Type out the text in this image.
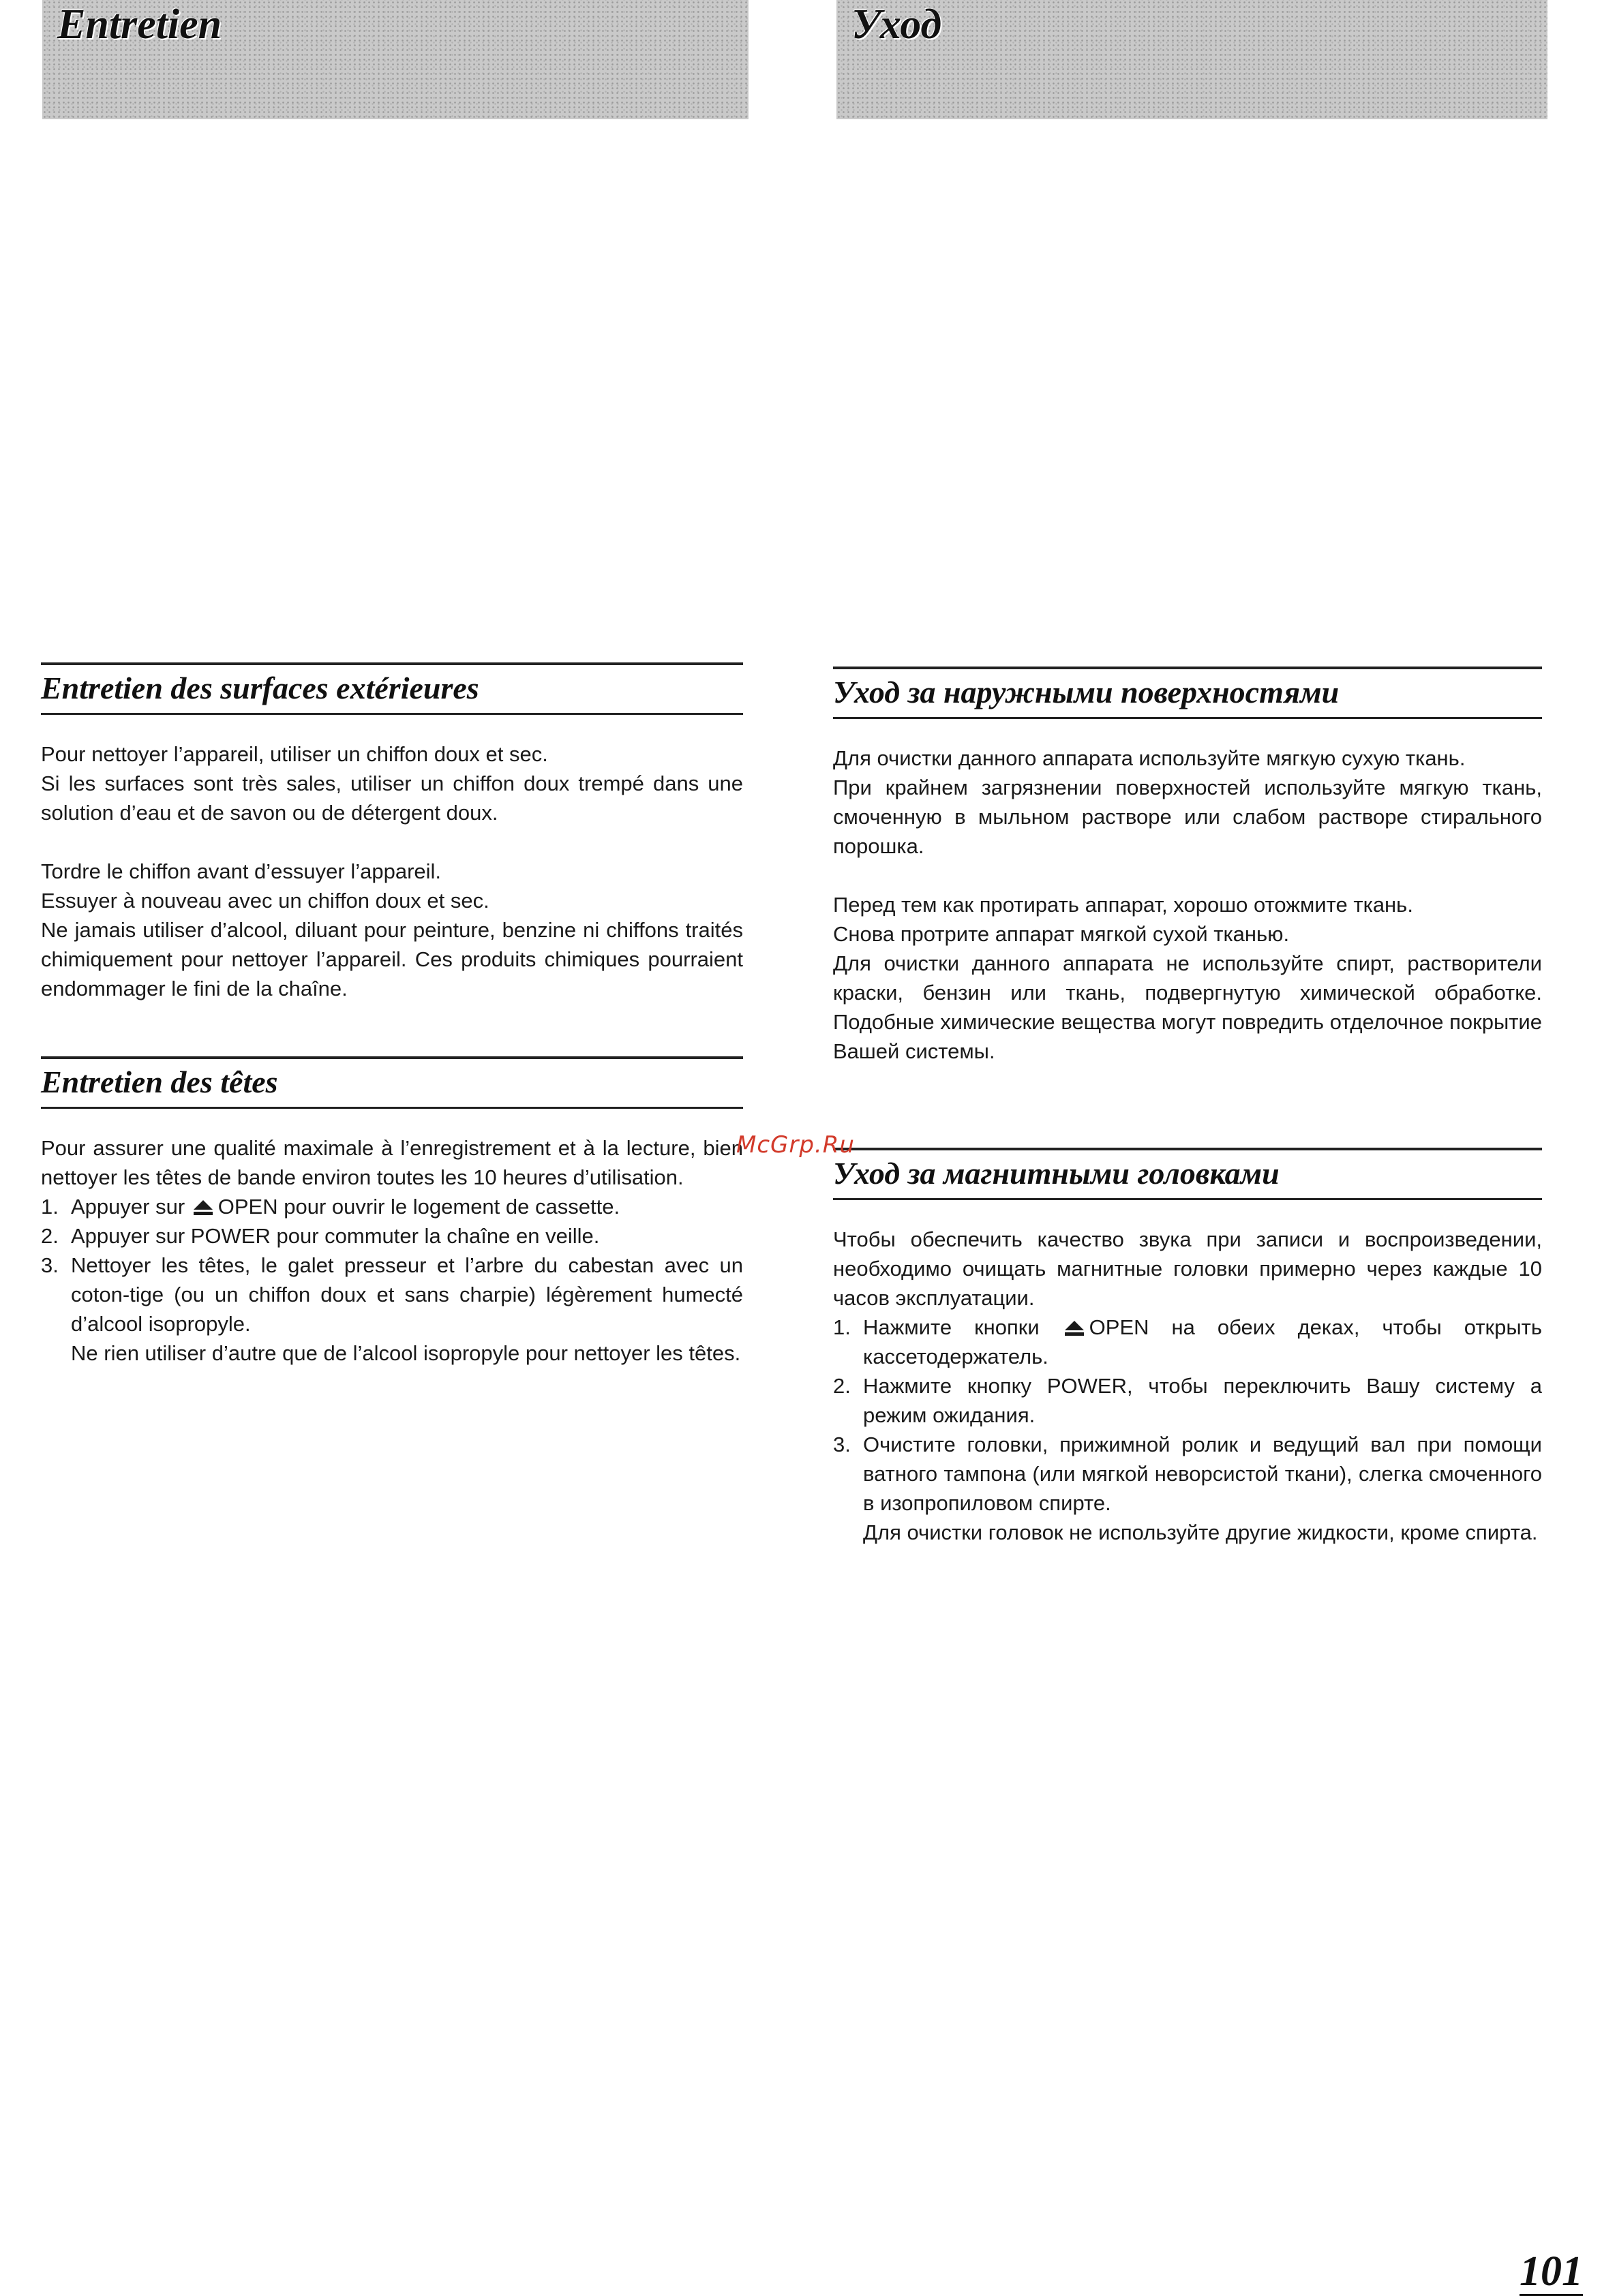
Entretien	Уход
Entretien des surfaces extérieures

Pour nettoyer l’appareil, utiliser un chiffon doux et sec.

Si les surfaces sont très sales, utiliser un chiffon doux trempé dans une solution d’eau et de savon ou de détergent doux.

Tordre le chiffon avant d’essuyer l’appareil.

Essuyer à nouveau avec un chiffon doux et sec.

Ne jamais utiliser d’alcool, diluant pour peinture, benzine ni chiffons traités chimiquement pour nettoyer l’appareil. Ces produits chimiques pourraient endommager le fini de la chaîne.

Entretien des têtes

Pour assurer une qualité maximale à l’enregistrement et à la lecture, bien nettoyer les têtes de bande environ toutes les 10 heures d’utilisation.

1. Appuyer sur OPEN pour ouvrir le logement de cassette.
2. Appuyer sur POWER pour commuter la chaîne en veille.
3. Nettoyer les têtes, le galet presseur et l’arbre du cabestan avec un coton-tige (ou un chiffon doux et sans charpie) légèrement humecté d’alcool isopropyle.
Ne rien utiliser d’autre que de l’alcool isopropyle pour nettoyer les têtes.
Уход за наружными поверхностями

Для очистки данного аппарата используйте мягкую сухую ткань.

При крайнем загрязнении поверхностей используйте мягкую ткань, смоченную в мыльном растворе или слабом растворе стирального порошка.

Перед тем как протирать аппарат, хорошо отожмите ткань.

Снова протрите аппарат мягкой сухой тканью.

Для очистки данного аппарата не используйте спирт, растворители краски, бензин или ткань, подвергнутую химической обработке. Подобные химические вещества могут повредить отделочное покрытие Вашей системы.

Уход за магнитными головками

Чтобы обеспечить качество звука при записи и воспроизведении, необходимо очищать магнитные головки примерно через каждые 10 часов эксплуатации.

1. Нажмите кнопки OPEN на обеих деках, чтобы открыть кассетодержатель.
2. Нажмите кнопку POWER, чтобы переключить Вашу систему а режим ожидания.
3. Очистите головки, прижимной ролик и ведущий вал при помощи ватного тампона (или мягкой неворсистой ткани), слегка смоченного в изопропиловом спирте.
Для очистки головок не используйте другие жидкости, кроме спирта.
McGrp.Ru
101
